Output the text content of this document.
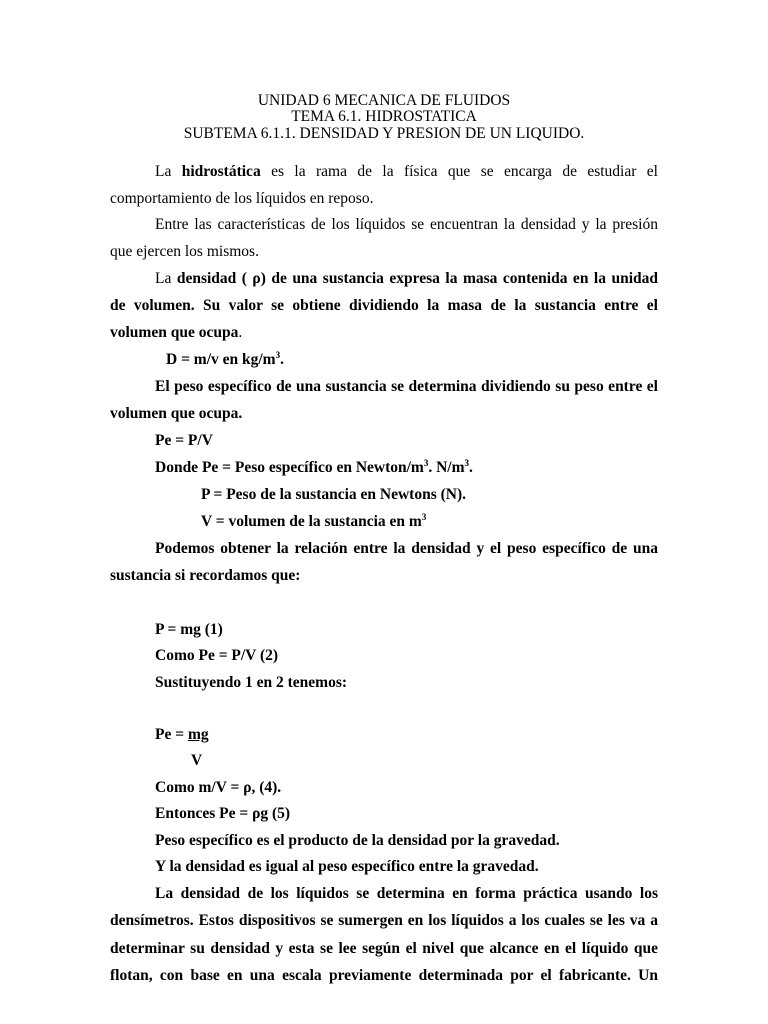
UNIDAD 6 MECANICA DE FLUIDOS
TEMA 6.1. HIDROSTATICA
SUBTEMA 6.1.1. DENSIDAD Y PRESION DE UN LIQUIDO.
La hidrostática es la rama de la física que se encarga de estudiar el
comportamiento de los líquidos en reposo.
Entre las características de los líquidos se encuentran la densidad y la presión
que ejercen los mismos.
La densidad ( ρ) de una sustancia expresa la masa contenida en la unidad
de volumen. Su valor se obtiene dividiendo la masa de la sustancia entre el
volumen que ocupa.
D = m/v en $kg/m^3$.
El peso específico de una sustancia se determina dividiendo su peso entre el
volumen que ocupa.
Pe = P/V
Donde Pe = Peso específico en Newton/$m^3$. $N/m^3$.
P = Peso de la sustancia en Newtons (N).
V = volumen de la sustancia en $m^3$
Podemos obtener la relación entre la densidad y el peso específico de una
sustancia si recordamos que:
P = mg (1)
Como Pe = P/V (2)
Sustituyendo 1 en 2 tenemos:
Pe = mg
V
Como m/V = ρ, (4).
Entonces Pe = ρg (5)
Peso específico es el producto de la densidad por la gravedad.
Y la densidad es igual al peso específico entre la gravedad.
La densidad de los líquidos se determina en forma práctica usando los
densímetros. Estos dispositivos se sumergen en los líquidos a los cuales se les va a
determinar su densidad y esta se lee según el nivel que alcance en el líquido que
flotan, con base en una escala previamente determinada por el fabricante. Un
